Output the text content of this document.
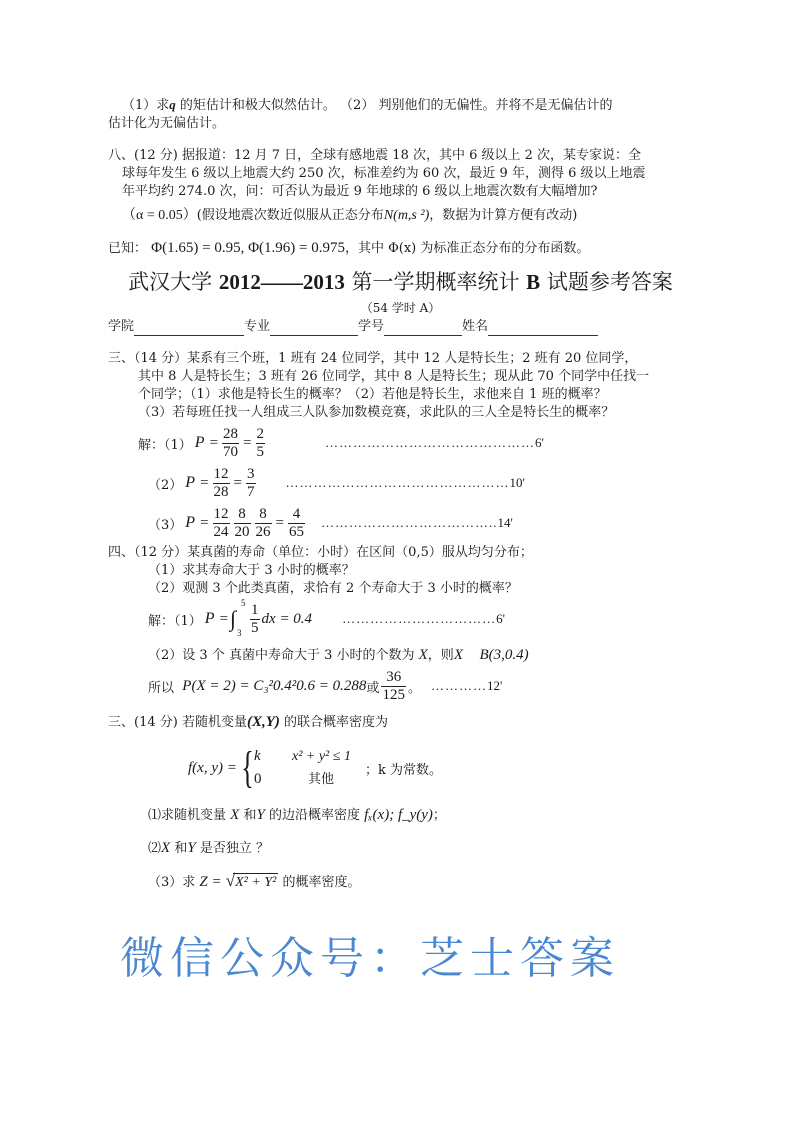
（1）求q 的矩估计和极大似然估计。 （2） 判别他们的无偏性。并将不是无偏估计的

估计化为无偏估计。

八、(12 分) 据报道：12 月 7 日，全球有感地震 18 次，其中 6 级以上 2 次，某专家说：全

球每年发生 6 级以上地震大约 250 次，标准差约为 60 次，最近 9 年，测得 6 级以上地震

年平均约 274.0 次，问：可否认为最近 9 年地球的 6 级以上地震次数有大幅增加?

（α = 0.05）(假设地震次数近似服从正态分布N(m,s ²)，数据为计算方便有改动)

已知： Φ(1.65) = 0.95, Φ(1.96) = 0.975，其中 Φ(x) 为标准正态分布的分布函数。

武汉大学 2012——2013 第一学期概率统计 B 试题参考答案
（54 学时 A）
学院	专业	学号	姓名

三、（14 分）某系有三个班，1 班有 24 位同学，其中 12 人是特长生；2 班有 20 位同学，

其中 8 人是特长生；3 班有 26 位同学，其中 8 人是特长生；现从此 70 个同学中任找一

个同学；（1）求他是特长生的概率？（2）若他是特长生，求他来自 1 班的概率？

（3）若每班任找一人组成三人队参加数模竞赛，求此队的三人全是特长生的概率？

解：（1） $P = \frac{28}{70} = \frac{2}{5}$	……………………………………… 6'
（2） $P = \frac{12}{28} = \frac{3}{7}$ ………………………………………… 10'
（3） $P = \frac{12}{24} \frac{8}{20} \frac{8}{26} = \frac{4}{65}$ ……………………………….. 14'

四、（12 分）某真菌的寿命（单位：小时）在区间（0,5）服从均匀分布；

（1）求其寿命大于 3 小时的概率？

（2）观测 3 个此类真菌，求恰有 2 个寿命大于 3 小时的概率？

解：（1） P = ∫
5
$3 \frac{1}{5}$ dx = 0.4 …………………………… 6'

（2）设 3 个 真菌中寿命大于 3 小时的个数为 X，则X B(3,0.4)

所以
P(X = 2) = C₃²0.4²0.6 = 0.288 或 $\frac{36}{125}$ 。 ………… 12'

三、(14 分) 若随机变量(X,Y) 的联合概率密度为

f(x, y) = { k x² + y² ≤ 1
0	其他
；k 为常数。

⑴求随机变量 X 和Y 的边沿概率密度 fₓ(x); f_y(y)；

⑵X 和Y 是否独立 ？

（3）求 Z = √X² + Y² 的概率密度。

微信公众号：芝士答案
